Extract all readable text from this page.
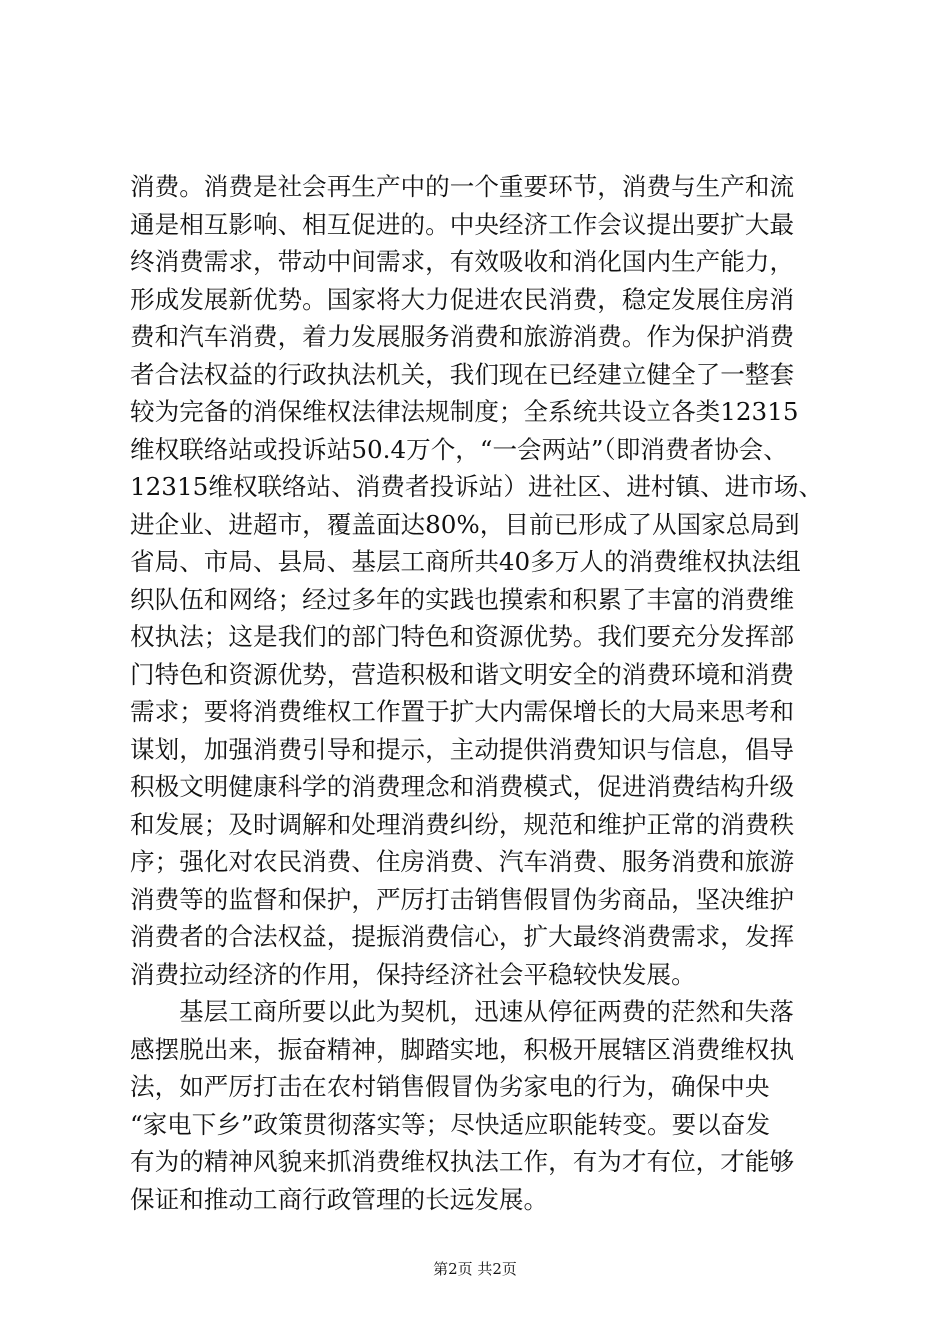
消费。消费是社会再生产中的一个重要环节，消费与生产和流
通是相互影响、相互促进的。中央经济工作会议提出要扩大最
终消费需求，带动中间需求，有效吸收和消化国内生产能力，
形成发展新优势。国家将大力促进农民消费，稳定发展住房消
费和汽车消费，着力发展服务消费和旅游消费。作为保护消费
者合法权益的行政执法机关，我们现在已经建立健全了一整套
较为完备的消保维权法律法规制度；全系统共设立各类12315
维权联络站或投诉站50.4万个，“一会两站”（即消费者协会、
12315维权联络站、消费者投诉站）进社区、进村镇、进市场、
进企业、进超市，覆盖面达80%，目前已形成了从国家总局到
省局、市局、县局、基层工商所共40多万人的消费维权执法组
织队伍和网络；经过多年的实践也摸索和积累了丰富的消费维
权执法；这是我们的部门特色和资源优势。我们要充分发挥部
门特色和资源优势，营造积极和谐文明安全的消费环境和消费
需求；要将消费维权工作置于扩大内需保增长的大局来思考和
谋划，加强消费引导和提示，主动提供消费知识与信息，倡导
积极文明健康科学的消费理念和消费模式，促进消费结构升级
和发展；及时调解和处理消费纠纷，规范和维护正常的消费秩
序；强化对农民消费、住房消费、汽车消费、服务消费和旅游
消费等的监督和保护，严厉打击销售假冒伪劣商品，坚决维护
消费者的合法权益，提振消费信心，扩大最终消费需求，发挥
消费拉动经济的作用，保持经济社会平稳较快发展。
基层工商所要以此为契机，迅速从停征两费的茫然和失落
感摆脱出来，振奋精神，脚踏实地，积极开展辖区消费维权执
法，如严厉打击在农村销售假冒伪劣家电的行为，确保中央
“家电下乡”政策贯彻落实等；尽快适应职能转变。要以奋发
有为的精神风貌来抓消费维权执法工作，有为才有位，才能够
保证和推动工商行政管理的长远发展。
第2页 共2页
